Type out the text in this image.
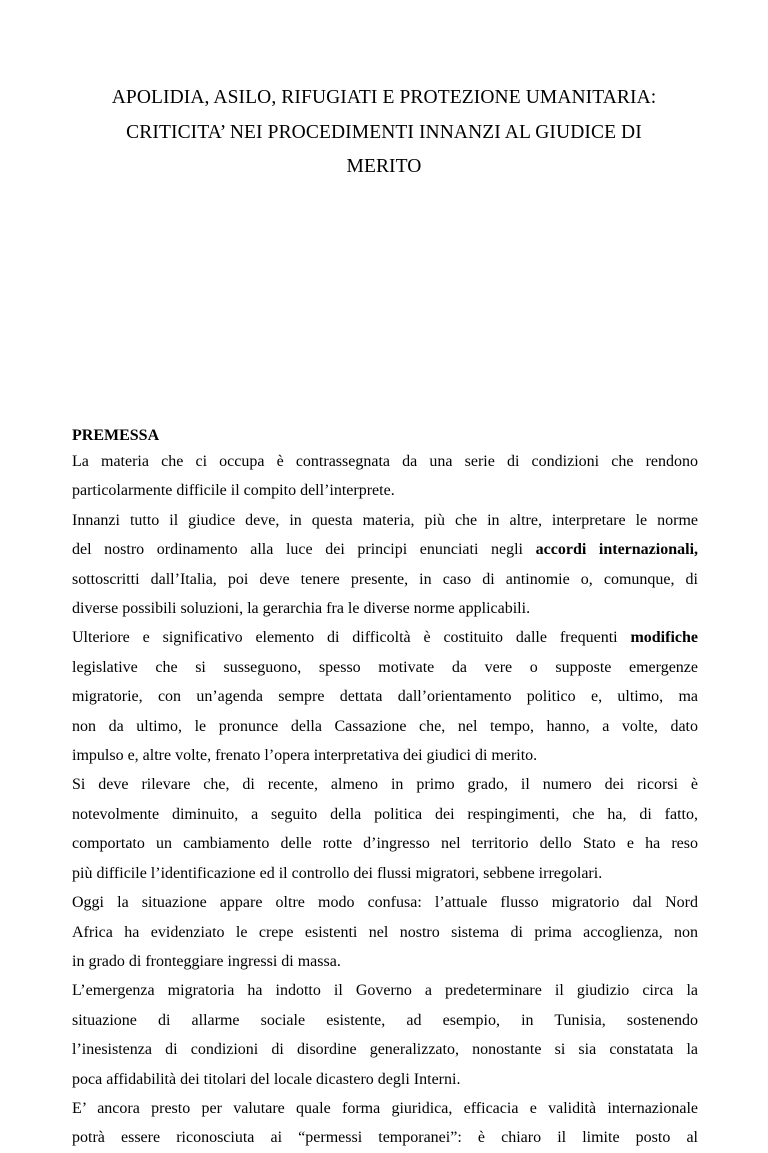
APOLIDIA, ASILO, RIFUGIATI E PROTEZIONE UMANITARIA:
CRITICITA’ NEI PROCEDIMENTI INNANZI AL GIUDICE DI
MERITO
PREMESSA
La materia che ci occupa è contrassegnata da una serie di condizioni che rendono
particolarmente difficile il compito dell’interprete.
Innanzi tutto il giudice deve, in questa materia, più che in altre, interpretare le norme
del nostro ordinamento alla luce dei principi enunciati negli accordi internazionali,
sottoscritti dall’Italia, poi deve tenere presente, in caso di antinomie o, comunque, di
diverse possibili soluzioni, la gerarchia fra le diverse norme applicabili.
Ulteriore e significativo elemento di difficoltà è costituito dalle frequenti modifiche
legislative che si susseguono, spesso motivate da vere o supposte emergenze
migratorie, con un’agenda sempre dettata dall’orientamento politico e, ultimo, ma
non da ultimo, le pronunce della Cassazione che, nel tempo, hanno, a volte, dato
impulso e, altre volte, frenato l’opera interpretativa dei giudici di merito.
Si deve rilevare che, di recente, almeno in primo grado, il numero dei ricorsi è
notevolmente diminuito, a seguito della politica dei respingimenti, che ha, di fatto,
comportato un cambiamento delle rotte d’ingresso nel territorio dello Stato e ha reso
più difficile l’identificazione ed il controllo dei flussi migratori, sebbene irregolari.
Oggi la situazione appare oltre modo confusa: l’attuale flusso migratorio dal Nord
Africa ha evidenziato le crepe esistenti nel nostro sistema di prima accoglienza, non
in grado di fronteggiare ingressi di massa.
L’emergenza migratoria ha indotto il Governo a predeterminare il giudizio circa la
situazione di allarme sociale esistente, ad esempio, in Tunisia, sostenendo
l’inesistenza di condizioni di disordine generalizzato, nonostante si sia constatata la
poca affidabilità dei titolari del locale dicastero degli Interni.
E’ ancora presto per valutare quale forma giuridica, efficacia e validità internazionale
potrà essere riconosciuta ai “permessi temporanei”: è chiaro il limite posto al
